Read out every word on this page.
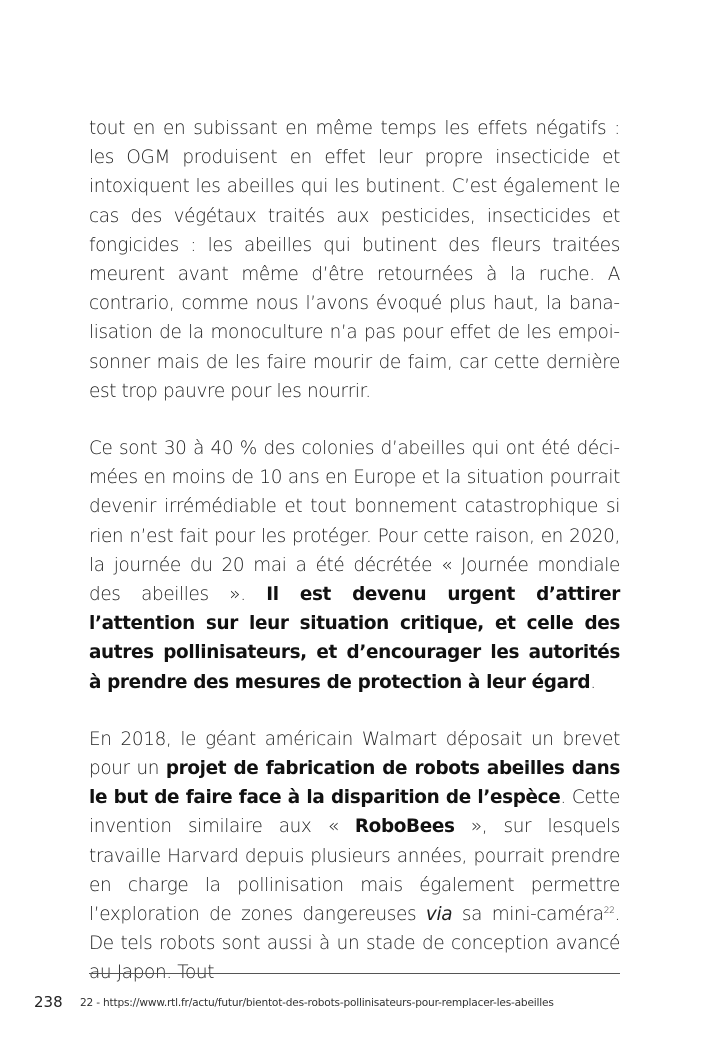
tout en en subissant en même temps les effets négatifs : les OGM produisent en effet leur propre insecticide et intoxiquent les abeilles qui les butinent. C’est également le cas des végétaux traités aux pesticides, insecticides et fongicides : les abeilles qui butinent des fleurs traitées meurent avant même d’être retournées à la ruche. A contrario, comme nous l’avons évoqué plus haut, la banalisation de la monoculture n’a pas pour effet de les empoisonner mais de les faire mourir de faim, car cette dernière est trop pauvre pour les nourrir.

Ce sont 30 à 40 % des colonies d’abeilles qui ont été décimées en moins de 10 ans en Europe et la situation pourrait devenir irrémédiable et tout bonnement catastrophique si rien n’est fait pour les protéger. Pour cette raison, en 2020, la journée du 20 mai a été décrétée « Journée mondiale des abeilles ». Il est devenu urgent d’attirer l’attention sur leur situation critique, et celle des autres pollinisateurs, et d’encourager les autorités à prendre des mesures de protection à leur égard.

En 2018, le géant américain Walmart déposait un brevet pour un projet de fabrication de robots abeilles dans le but de faire face à la disparition de l’espèce. Cette invention similaire aux « RoboBees », sur lesquels travaille Harvard depuis plusieurs années, pourrait prendre en charge la pollinisation mais également permettre l’exploration de zones dangereuses via sa mini-caméra$^{22}$. De tels robots sont aussi à un stade de conception avancé au Japon. Tout

238 22 - https://www.rtl.fr/actu/futur/bientot-des-robots-pollinisateurs-pour-remplacer-les-abeilles
